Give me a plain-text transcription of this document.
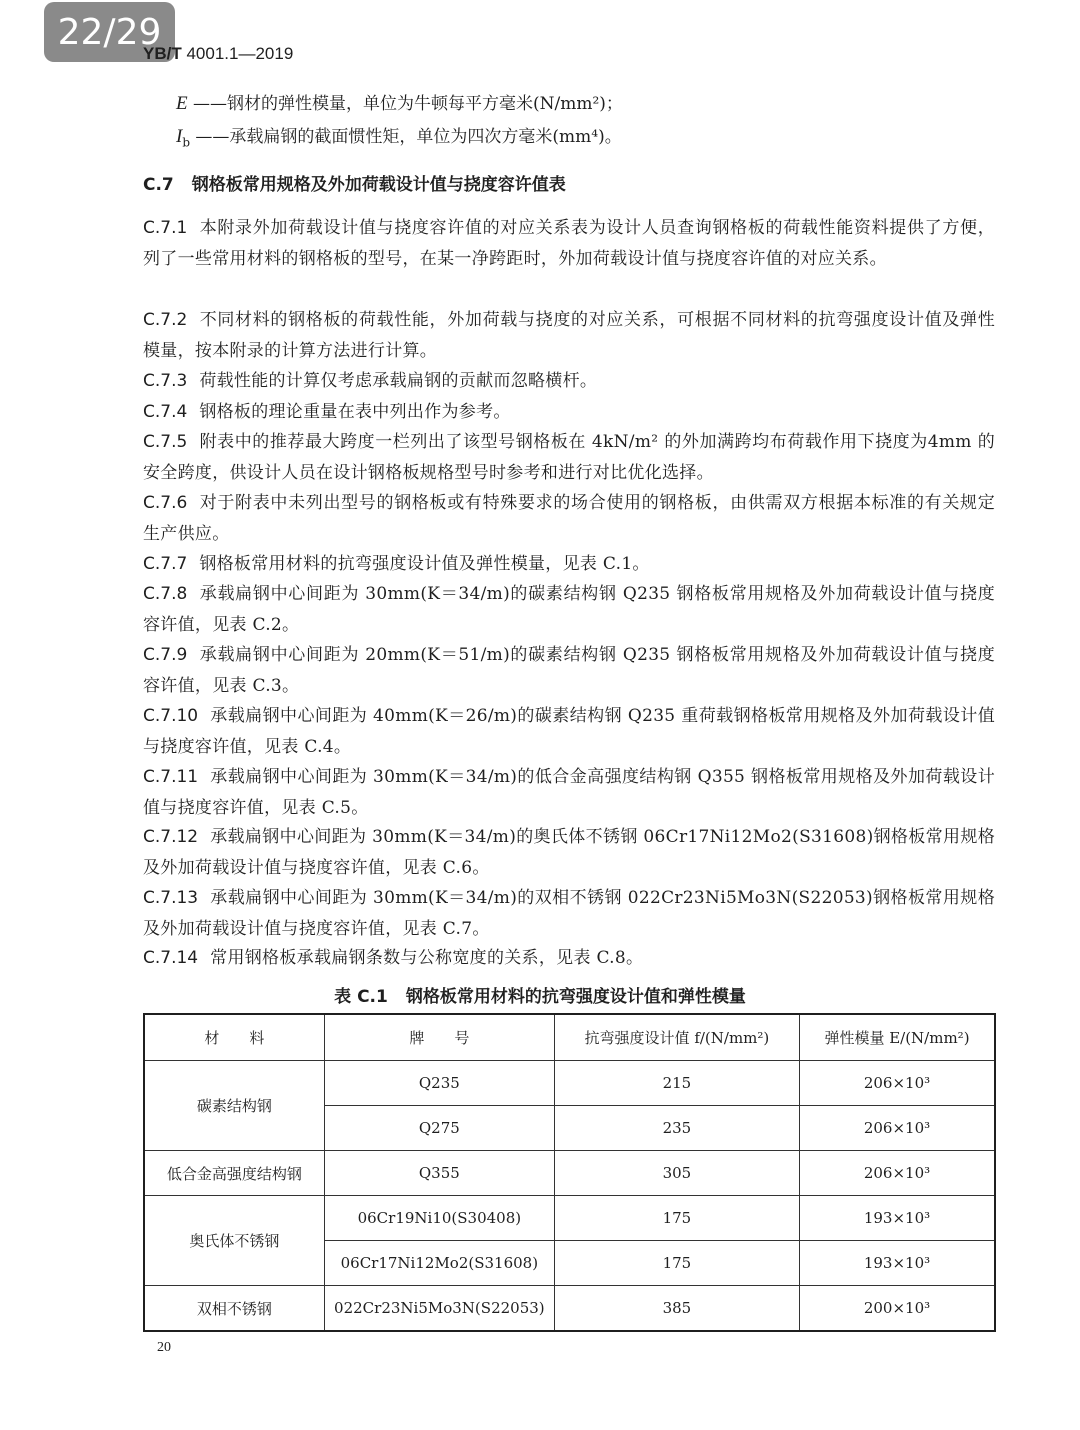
22/29
YB/T 4001.1—2019
E ——钢材的弹性模量，单位为牛顿每平方毫米(N/mm²)；
$I_b$ ——承载扁钢的截面惯性矩，单位为四次方毫米(mm⁴)。
C.7 钢格板常用规格及外加荷载设计值与挠度容许值表
C.7.1 本附录外加荷载设计值与挠度容许值的对应关系表为设计人员查询钢格板的荷载性能资料提供了方便，列了一些常用材料的钢格板的型号，在某一净跨距时，外加荷载设计值与挠度容许值的对应关系。
C.7.2 不同材料的钢格板的荷载性能，外加荷载与挠度的对应关系，可根据不同材料的抗弯强度设计值及弹性模量，按本附录的计算方法进行计算。
C.7.3 荷载性能的计算仅考虑承载扁钢的贡献而忽略横杆。
C.7.4 钢格板的理论重量在表中列出作为参考。
C.7.5 附表中的推荐最大跨度一栏列出了该型号钢格板在 4kN/m² 的外加满跨均布荷载作用下挠度为4mm 的安全跨度，供设计人员在设计钢格板规格型号时参考和进行对比优化选择。
C.7.6 对于附表中未列出型号的钢格板或有特殊要求的场合使用的钢格板，由供需双方根据本标准的有关规定生产供应。
C.7.7 钢格板常用材料的抗弯强度设计值及弹性模量，见表 C.1。
C.7.8 承载扁钢中心间距为 30mm(K＝34/m)的碳素结构钢 Q235 钢格板常用规格及外加荷载设计值与挠度容许值，见表 C.2。
C.7.9 承载扁钢中心间距为 20mm(K＝51/m)的碳素结构钢 Q235 钢格板常用规格及外加荷载设计值与挠度容许值，见表 C.3。
C.7.10 承载扁钢中心间距为 40mm(K＝26/m)的碳素结构钢 Q235 重荷载钢格板常用规格及外加荷载设计值与挠度容许值，见表 C.4。
C.7.11 承载扁钢中心间距为 30mm(K＝34/m)的低合金高强度结构钢 Q355 钢格板常用规格及外加荷载设计值与挠度容许值，见表 C.5。
C.7.12 承载扁钢中心间距为 30mm(K＝34/m)的奥氏体不锈钢 06Cr17Ni12Mo2(S31608)钢格板常用规格及外加荷载设计值与挠度容许值，见表 C.6。
C.7.13 承载扁钢中心间距为 30mm(K＝34/m)的双相不锈钢 022Cr23Ni5Mo3N(S22053)钢格板常用规格及外加荷载设计值与挠度容许值，见表 C.7。
C.7.14 常用钢格板承载扁钢条数与公称宽度的关系，见表 C.8。
表 C.1 钢格板常用材料的抗弯强度设计值和弹性模量
材　　料	牌　　号	抗弯强度设计值 f/(N/mm²)	弹性模量 E/(N/mm²)
碳素结构钢	Q235	215	206×10³
	Q275	235	206×10³
低合金高强度结构钢	Q355	305	206×10³
奥氏体不锈钢	06Cr19Ni10(S30408)	175	193×10³
	06Cr17Ni12Mo2(S31608)	175	193×10³
双相不锈钢	022Cr23Ni5Mo3N(S22053)	385	200×10³
20
